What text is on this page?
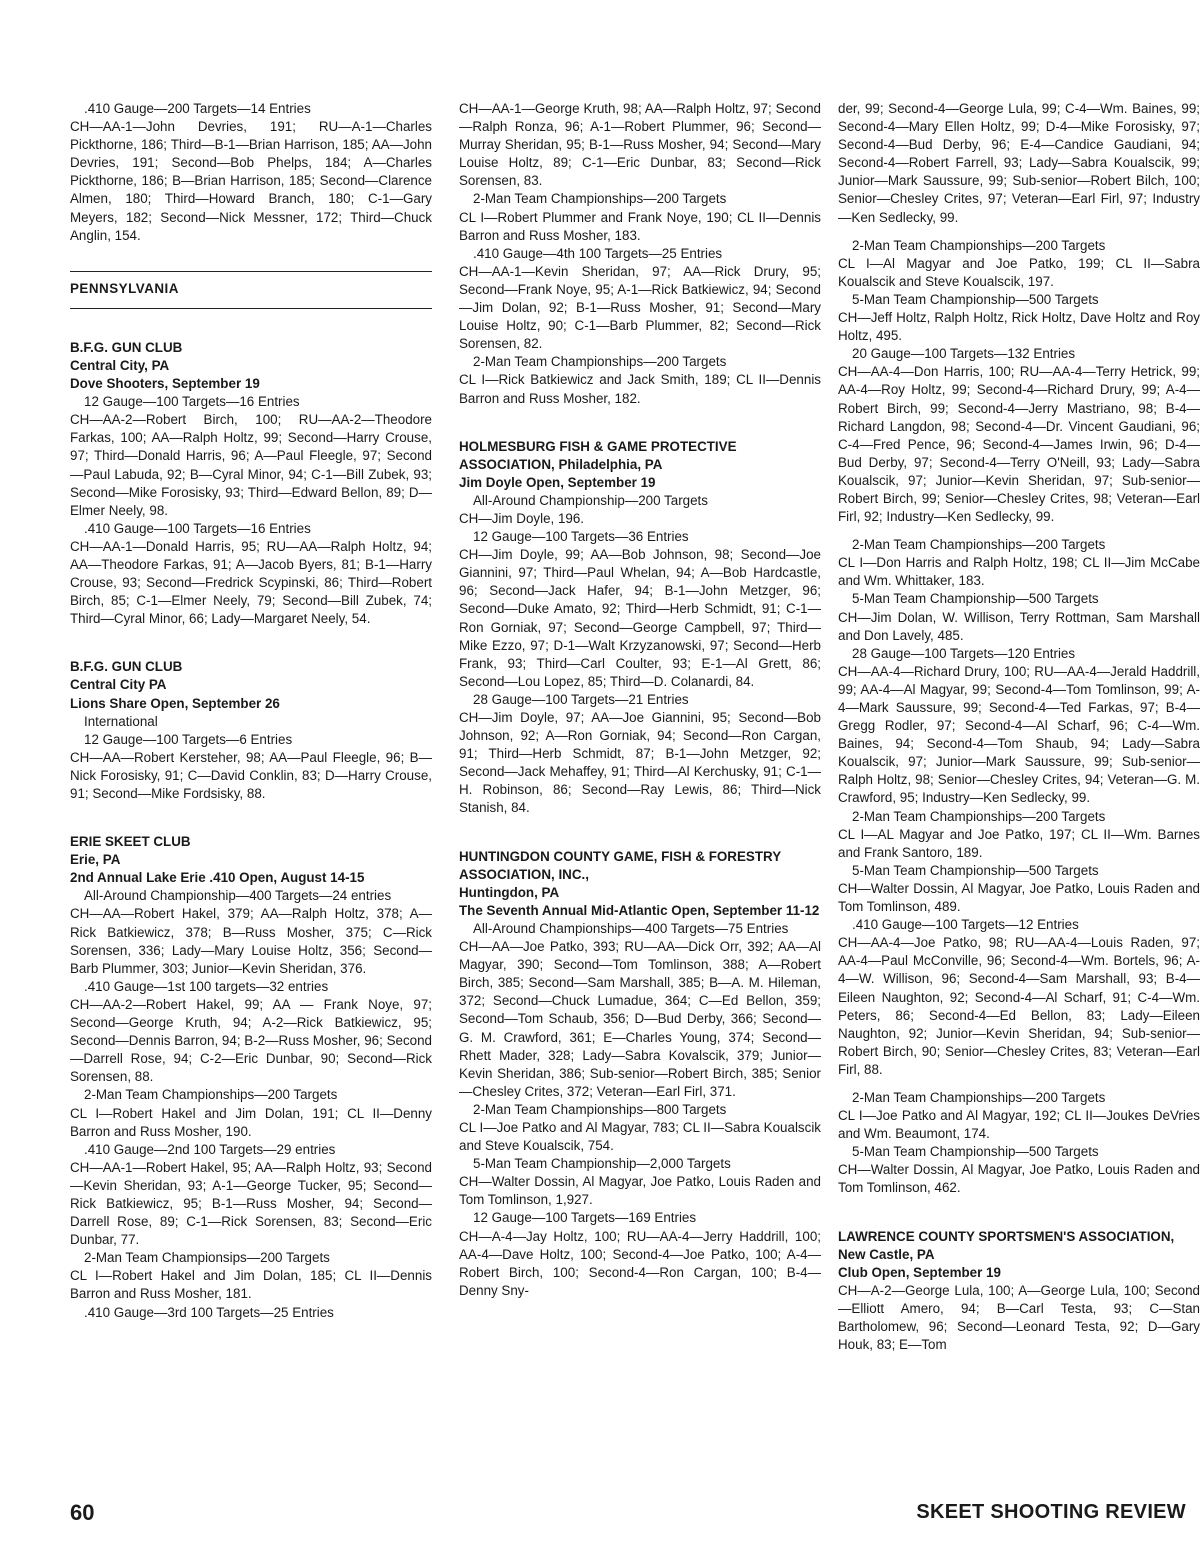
.410 Gauge—200 Targets—14 Entries

CH—AA-1—John Devries, 191; RU—A-1—Charles Pickthorne, 186; Third—B-1—Brian Harrison, 185; AA—John Devries, 191; Second—Bob Phelps, 184; A—Charles Pickthorne, 186; B—Brian Harrison, 185; Second—Clarence Almen, 180; Third—Howard Branch, 180; C-1—Gary Meyers, 182; Second—Nick Messner, 172; Third—Chuck Anglin, 154.

PENNSYLVANIA

B.F.G. GUN CLUB

Central City, PA

Dove Shooters, September 19

12 Gauge—100 Targets—16 Entries

CH—AA-2—Robert Birch, 100; RU—AA-2—Theodore Farkas, 100; AA—Ralph Holtz, 99; Second—Harry Crouse, 97; Third—Donald Harris, 96; A—Paul Fleegle, 97; Second—Paul Labuda, 92; B—Cyral Minor, 94; C-1—Bill Zubek, 93; Second—Mike Forosisky, 93; Third—Edward Bellon, 89; D—Elmer Neely, 98.

.410 Gauge—100 Targets—16 Entries

CH—AA-1—Donald Harris, 95; RU—AA—Ralph Holtz, 94; AA—Theodore Farkas, 91; A—Jacob Byers, 81; B-1—Harry Crouse, 93; Second—Fredrick Scypinski, 86; Third—Robert Birch, 85; C-1—Elmer Neely, 79; Second—Bill Zubek, 74; Third—Cyral Minor, 66; Lady—Margaret Neely, 54.

B.F.G. GUN CLUB

Central City PA

Lions Share Open, September 26

International

12 Gauge—100 Targets—6 Entries

CH—AA—Robert Kersteher, 98; AA—Paul Fleegle, 96; B—Nick Forosisky, 91; C—David Conklin, 83; D—Harry Crouse, 91; Second—Mike Fordsisky, 88.

ERIE SKEET CLUB

Erie, PA

2nd Annual Lake Erie .410 Open, August 14-15

All-Around Championship—400 Targets—24 entries

CH—AA—Robert Hakel, 379; AA—Ralph Holtz, 378; A—Rick Batkiewicz, 378; B—Russ Mosher, 375; C—Rick Sorensen, 336; Lady—Mary Louise Holtz, 356; Second—Barb Plummer, 303; Junior—Kevin Sheridan, 376.

.410 Gauge—1st 100 targets—32 entries

CH—AA-2—Robert Hakel, 99; AA — Frank Noye, 97; Second—George Kruth, 94; A-2—Rick Batkiewicz, 95; Second—Dennis Barron, 94; B-2—Russ Mosher, 96; Second—Darrell Rose, 94; C-2—Eric Dunbar, 90; Second—Rick Sorensen, 88.

2-Man Team Championships—200 Targets

CL I—Robert Hakel and Jim Dolan, 191; CL II—Denny Barron and Russ Mosher, 190.

.410 Gauge—2nd 100 Targets—29 entries

CH—AA-1—Robert Hakel, 95; AA—Ralph Holtz, 93; Second—Kevin Sheridan, 93; A-1—George Tucker, 95; Second—Rick Batkiewicz, 95; B-1—Russ Mosher, 94; Second—Darrell Rose, 89; C-1—Rick Sorensen, 83; Second—Eric Dunbar, 77.

2-Man Team Championsips—200 Targets

CL I—Robert Hakel and Jim Dolan, 185; CL II—Dennis Barron and Russ Mosher, 181.

.410 Gauge—3rd 100 Targets—25 Entries

CH—AA-1—George Kruth, 98; AA—Ralph Holtz, 97; Second—Ralph Ronza, 96; A-1—Robert Plummer, 96; Second—Murray Sheridan, 95; B-1—Russ Mosher, 94; Second—Mary Louise Holtz, 89; C-1—Eric Dunbar, 83; Second—Rick Sorensen, 83.

2-Man Team Championships—200 Targets

CL I—Robert Plummer and Frank Noye, 190; CL II—Dennis Barron and Russ Mosher, 183.

.410 Gauge—4th 100 Targets—25 Entries

CH—AA-1—Kevin Sheridan, 97; AA—Rick Drury, 95; Second—Frank Noye, 95; A-1—Rick Batkiewicz, 94; Second—Jim Dolan, 92; B-1—Russ Mosher, 91; Second—Mary Louise Holtz, 90; C-1—Barb Plummer, 82; Second—Rick Sorensen, 82.

2-Man Team Championships—200 Targets

CL I—Rick Batkiewicz and Jack Smith, 189; CL II—Dennis Barron and Russ Mosher, 182.

HOLMESBURG FISH & GAME PROTECTIVE ASSOCIATION, Philadelphia, PA

Jim Doyle Open, September 19

All-Around Championship—200 Targets

CH—Jim Doyle, 196.

12 Gauge—100 Targets—36 Entries

CH—Jim Doyle, 99; AA—Bob Johnson, 98; Second—Joe Giannini, 97; Third—Paul Whelan, 94; A—Bob Hardcastle, 96; Second—Jack Hafer, 94; B-1—John Metzger, 96; Second—Duke Amato, 92; Third—Herb Schmidt, 91; C-1—Ron Gorniak, 97; Second—George Campbell, 97; Third—Mike Ezzo, 97; D-1—Walt Krzyzanowski, 97; Second—Herb Frank, 93; Third—Carl Coulter, 93; E-1—Al Grett, 86; Second—Lou Lopez, 85; Third—D. Colanardi, 84.

28 Gauge—100 Targets—21 Entries

CH—Jim Doyle, 97; AA—Joe Giannini, 95; Second—Bob Johnson, 92; A—Ron Gorniak, 94; Second—Ron Cargan, 91; Third—Herb Schmidt, 87; B-1—John Metzger, 92; Second—Jack Mehaffey, 91; Third—Al Kerchusky, 91; C-1—H. Robinson, 86; Second—Ray Lewis, 86; Third—Nick Stanish, 84.

HUNTINGDON COUNTY GAME, FISH & FORESTRY ASSOCIATION, INC.,

Huntingdon, PA

The Seventh Annual Mid-Atlantic Open, September 11-12

All-Around Championships—400 Targets—75 Entries

CH—AA—Joe Patko, 393; RU—AA—Dick Orr, 392; AA—Al Magyar, 390; Second—Tom Tomlinson, 388; A—Robert Birch, 385; Second—Sam Marshall, 385; B—A. M. Hileman, 372; Second—Chuck Lumadue, 364; C—Ed Bellon, 359; Second—Tom Schaub, 356; D—Bud Derby, 366; Second—G. M. Crawford, 361; E—Charles Young, 374; Second—Rhett Mader, 328; Lady—Sabra Kovalscik, 379; Junior—Kevin Sheridan, 386; Sub-senior—Robert Birch, 385; Senior—Chesley Crites, 372; Veteran—Earl Firl, 371.

2-Man Team Championships—800 Targets

CL I—Joe Patko and Al Magyar, 783; CL II—Sabra Koualscik and Steve Koualscik, 754.

5-Man Team Championship—2,000 Targets

CH—Walter Dossin, Al Magyar, Joe Patko, Louis Raden and Tom Tomlinson, 1,927.

12 Gauge—100 Targets—169 Entries

CH—A-4—Jay Holtz, 100; RU—AA-4—Jerry Haddrill, 100; AA-4—Dave Holtz, 100; Second-4—Joe Patko, 100; A-4—Robert Birch, 100; Second-4—Ron Cargan, 100; B-4—Denny Sny-

der, 99; Second-4—George Lula, 99; C-4—Wm. Baines, 99; Second-4—Mary Ellen Holtz, 99; D-4—Mike Forosisky, 97; Second-4—Bud Derby, 96; E-4—Candice Gaudiani, 94; Second-4—Robert Farrell, 93; Lady—Sabra Koualscik, 99; Junior—Mark Saussure, 99; Sub-senior—Robert Bilch, 100; Senior—Chesley Crites, 97; Veteran—Earl Firl, 97; Industry—Ken Sedlecky, 99.

2-Man Team Championships—200 Targets

CL I—Al Magyar and Joe Patko, 199; CL II—Sabra Koualscik and Steve Koualscik, 197.

5-Man Team Championship—500 Targets

CH—Jeff Holtz, Ralph Holtz, Rick Holtz, Dave Holtz and Roy Holtz, 495.

20 Gauge—100 Targets—132 Entries

CH—AA-4—Don Harris, 100; RU—AA-4—Terry Hetrick, 99; AA-4—Roy Holtz, 99; Second-4—Richard Drury, 99; A-4—Robert Birch, 99; Second-4—Jerry Mastriano, 98; B-4—Richard Langdon, 98; Second-4—Dr. Vincent Gaudiani, 96; C-4—Fred Pence, 96; Second-4—James Irwin, 96; D-4—Bud Derby, 97; Second-4—Terry O'Neill, 93; Lady—Sabra Koualscik, 97; Junior—Kevin Sheridan, 97; Sub-senior—Robert Birch, 99; Senior—Chesley Crites, 98; Veteran—Earl Firl, 92; Industry—Ken Sedlecky, 99.

2-Man Team Championships—200 Targets

CL I—Don Harris and Ralph Holtz, 198; CL II—Jim McCabe and Wm. Whittaker, 183.

5-Man Team Championship—500 Targets

CH—Jim Dolan, W. Willison, Terry Rottman, Sam Marshall and Don Lavely, 485.

28 Gauge—100 Targets—120 Entries

CH—AA-4—Richard Drury, 100; RU—AA-4—Jerald Haddrill, 99; AA-4—Al Magyar, 99; Second-4—Tom Tomlinson, 99; A-4—Mark Saussure, 99; Second-4—Ted Farkas, 97; B-4—Gregg Rodler, 97; Second-4—Al Scharf, 96; C-4—Wm. Baines, 94; Second-4—Tom Shaub, 94; Lady—Sabra Koualscik, 97; Junior—Mark Saussure, 99; Sub-senior—Ralph Holtz, 98; Senior—Chesley Crites, 94; Veteran—G. M. Crawford, 95; Industry—Ken Sedlecky, 99.

2-Man Team Championships—200 Targets

CL I—AL Magyar and Joe Patko, 197; CL II—Wm. Barnes and Frank Santoro, 189.

5-Man Team Championship—500 Targets

CH—Walter Dossin, Al Magyar, Joe Patko, Louis Raden and Tom Tomlinson, 489.

.410 Gauge—100 Targets—12 Entries

CH—AA-4—Joe Patko, 98; RU—AA-4—Louis Raden, 97; AA-4—Paul McConville, 96; Second-4—Wm. Bortels, 96; A-4—W. Willison, 96; Second-4—Sam Marshall, 93; B-4—Eileen Naughton, 92; Second-4—Al Scharf, 91; C-4—Wm. Peters, 86; Second-4—Ed Bellon, 83; Lady—Eileen Naughton, 92; Junior—Kevin Sheridan, 94; Sub-senior—Robert Birch, 90; Senior—Chesley Crites, 83; Veteran—Earl Firl, 88.

2-Man Team Championships—200 Targets

CL I—Joe Patko and Al Magyar, 192; CL II—Joukes DeVries and Wm. Beaumont, 174.

5-Man Team Championship—500 Targets

CH—Walter Dossin, Al Magyar, Joe Patko, Louis Raden and Tom Tomlinson, 462.

LAWRENCE COUNTY SPORTSMEN'S ASSOCIATION, New Castle, PA

Club Open, September 19

CH—A-2—George Lula, 100; A—George Lula, 100; Second—Elliott Amero, 94; B—Carl Testa, 93; C—Stan Bartholomew, 96; Second—Leonard Testa, 92; D—Gary Houk, 83; E—Tom

60	SKEET SHOOTING REVIEW
